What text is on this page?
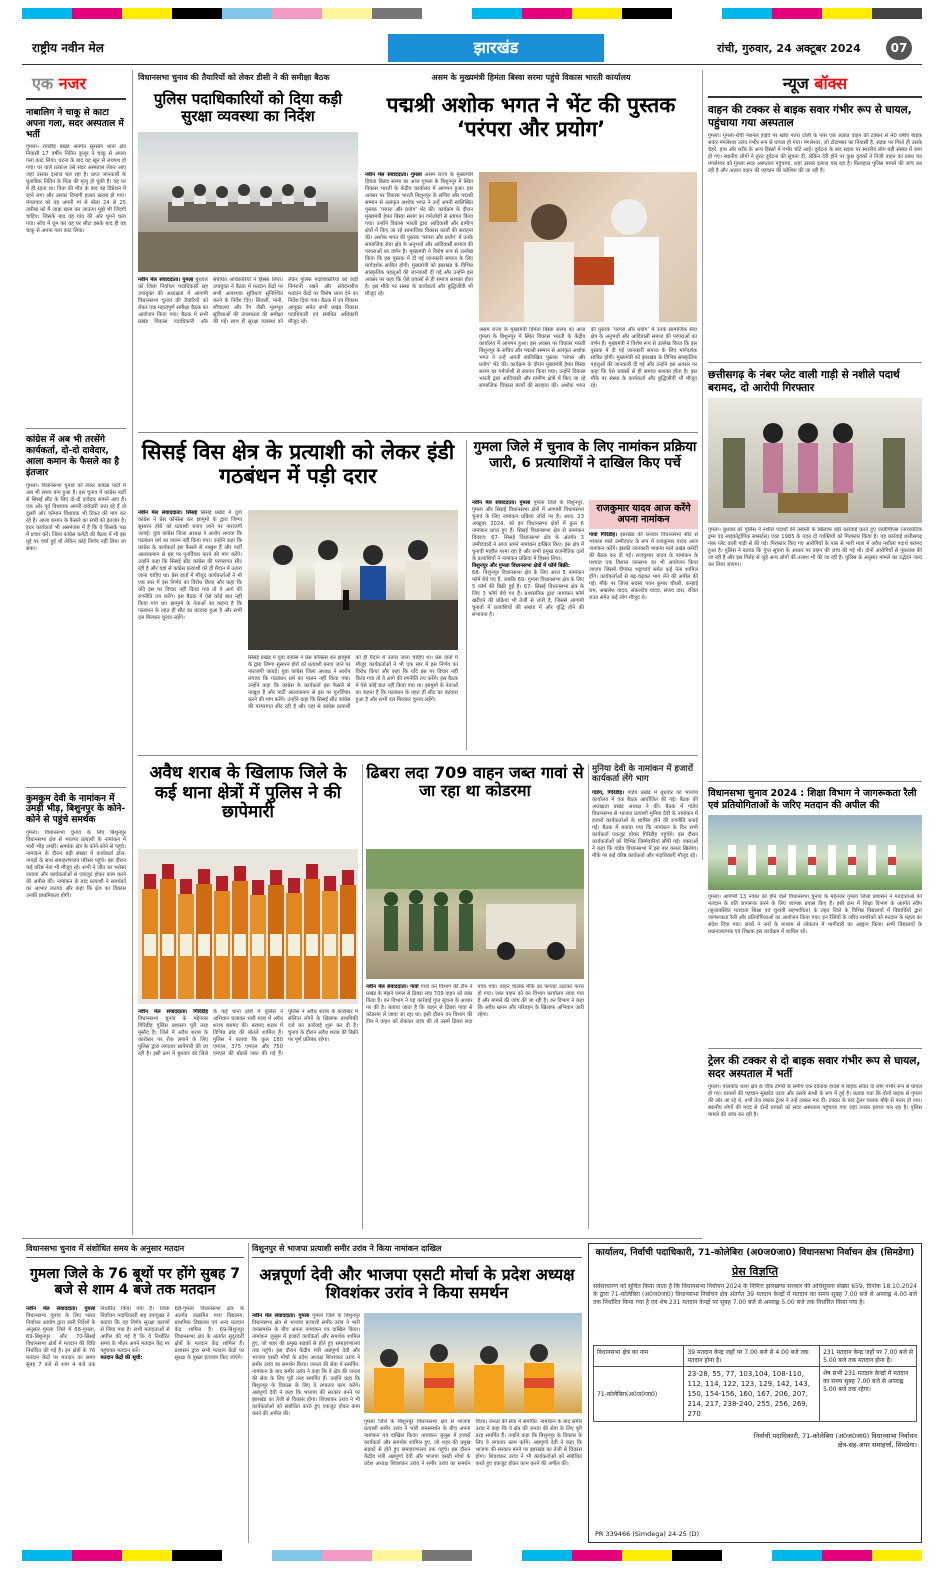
राष्ट्रीय नवीन मेल	झारखंड	रांची, गुरुवार, 24 अक्टूबर 2024	07
एक नजर
नाबालिग ने चाकू से काटा अपना गला, सदर अस्पताल में भर्ती
गुमला। रायडीह प्रखंड अंतर्गत सुरसांग थाना क्षेत्र निवासी 17 वर्षीय नितिन कुजूर ने चाकू से अपना गला काट लिया। घटना के बाद वह खून से लथपथ हो गया। घर वाले तत्काल उसे सदर अस्पताल लेकर आए जहां उसका इलाज चल रहा है। प्राप्त जानकारी के मुताबिक नितिन के पिता की मृत्यु हो चुकी है। वह घर में ही रहता था। पिता की मौत के बाद वह डिप्रेशन में रहने लगा और उसका दिमागी हालत खराब हो गया। मंगलवार को वह अपनी मां से बोला 24 से 25 तारीख को मैं जाड़ा खत्म कर जाऊंगा मुझे भी जिंदगी चाहिए। जिसके बाद वह गांव की ओर घूमने चला गया। सोच में घूम कर वह घर लौटा इसके बाद ही वह चाकू से अपना गला काट लिया।
कांग्रेस में अब भी तरसेंगे कार्यकर्ता, दो-दो दावेदार, आला कमान के फैसले का है इंतजार
गुमला। विधानसभा चुनाव को लेकर कांग्रेस पार्टी में अब भी संशय बना हुआ है। इस चुनाव में कांग्रेस पार्टी से सिसई सीट के लिए दो-दो दावेदार सामने आए हैं। एक ओर पूर्व विधायक अपनी दावेदारी जता रहे हैं तो दूसरी ओर वर्तमान विधायक भी टिकट की मांग कर रहे हैं। आला कमान के फैसले का सभी को इंतजार है। इधर कार्यकर्ता भी असमंजस में हैं कि वे किसके पक्ष में प्रचार करें। जिला कांग्रेस कमेटी की बैठक में भी इस मुद्दे पर चर्चा हुई थी लेकिन कोई निर्णय नहीं लिया जा सका।
कुमकुम देवी के नामांकन में उमड़ी भीड़, बिशुनपुर के कोने-कोने से पहुंचे समर्थक
गुमला। विधानसभा चुनाव के लिए बिशुनपुर विधानसभा क्षेत्र से भाजपा प्रत्याशी के नामांकन में भारी भीड़ उमड़ी। समर्थक क्षेत्र के कोने-कोने से पहुंचे। नामांकन के दौरान बड़ी संख्या में कार्यकर्ता ढोल-नगाड़ों के साथ समाहरणालय परिसर पहुंचे। इस दौरान कई वरिष्ठ नेता भी मौजूद रहे। सभी ने जीत का भरोसा जताया और कार्यकर्ताओं से एकजुट होकर काम करने की अपील की। नामांकन के बाद प्रत्याशी ने समर्थकों का आभार जताया और कहा कि क्षेत्र का विकास उनकी प्राथमिकता होगी।
विधानसभा चुनाव की तैयारियों को लेकर डीसी ने की समीक्षा बैठक
पुलिस पदाधिकारियों को दिया कड़ी सुरक्षा व्यवस्था का निर्देश
नवीन मेल संवाददाता। गुमला बुधवार को जिला निर्वाचन पदाधिकारी सह उपायुक्त की अध्यक्षता में आगामी विधानसभा चुनाव की तैयारियों को लेकर एक महत्वपूर्ण समीक्षा बैठक का आयोजन किया गया। बैठक में सभी प्रखंड विकास पदाधिकारी और संबंधित अधिकारियों ने हिस्सा लिया। उपायुक्त ने बैठक में मतदान केंद्रों पर सभी आवश्यक सुविधाएं सुनिश्चित करने के निर्देश दिए। बिजली, पानी, शौचालय और रैंप जैसी मूलभूत सुविधाओं की उपलब्धता की समीक्षा की गई। साथ ही सुरक्षा व्यवस्था को लेकर पुलिस पदाधिकारियों को कड़ी निगरानी रखने और संवेदनशील मतदान केंद्रों पर विशेष ध्यान देने का निर्देश दिया गया। बैठक में उप विकास आयुक्त समेत सभी प्रखंड विकास पदाधिकारी एवं संबंधित अधिकारी मौजूद रहे।
असम के मुख्यमंत्री हिमंता बिस्वा सरमा पहुंचे विकास भारती कार्यालय
पद्मश्री अशोक भगत ने भेंट की पुस्तक ‘परंपरा और प्रयोग’
नवीन मेल संवाददाता। गुमला असम राज्य के मुख्यमंत्री हिमंता बिस्वा सरमा का आज गुमला के बिशुनपुर में स्थित विकास भारती के केंद्रीय कार्यालय में आगमन हुआ। इस अवसर पर विकास भारती बिशुनपुर के सचिव और पद्मश्री सम्मान से अलंकृत अशोक भगत ने उन्हें अपनी स्वलिखित पुस्तक ‘परंपरा और प्रयोग’ भेंट की। कार्यक्रम के दौरान मुख्यमंत्री हेमंत बिस्वा सरमा का गर्मजोशी से स्वागत किया गया। उन्होंने विकास भारती द्वारा आदिवासी और ग्रामीण क्षेत्रों में किए जा रहे सामाजिक विकास कार्यों की सराहना की। अशोक भगत की पुस्तक ‘परंपरा और प्रयोग’ में उनके सामाजिक सेवा क्षेत्र के अनुभवों और आदिवासी समाज की परंपराओं का वर्णन है। मुख्यमंत्री ने विशेष रूप से उल्लेख किया कि इस पुस्तक में दी गई जानकारी समाज के लिए मार्गदर्शक साबित होगी। मुख्यमंत्री को झारखंड के विभिन्न सांस्कृतिक पहलुओं की जानकारी दी गई और उन्होंने इस अवसर पर कहा कि ऐसे प्रयासों से ही समाज सशक्त होता है। इस मौके पर संस्था के कार्यकर्ता और बुद्धिजीवी भी मौजूद रहे।
असम राज्य के मुख्यमंत्री हिमंता बिस्वा सरमा का आज गुमला के बिशुनपुर में स्थित विकास भारती के केंद्रीय कार्यालय में आगमन हुआ। इस अवसर पर विकास भारती बिशुनपुर के सचिव और पद्मश्री सम्मान से अलंकृत अशोक भगत ने उन्हें अपनी स्वलिखित पुस्तक ‘परंपरा और प्रयोग’ भेंट की। कार्यक्रम के दौरान मुख्यमंत्री हेमंत बिस्वा सरमा का गर्मजोशी से स्वागत किया गया। उन्होंने विकास भारती द्वारा आदिवासी और ग्रामीण क्षेत्रों में किए जा रहे सामाजिक विकास कार्यों की सराहना की। अशोक भगत की पुस्तक ‘परंपरा और प्रयोग’ में उनके सामाजिक सेवा क्षेत्र के अनुभवों और आदिवासी समाज की परंपराओं का वर्णन है। मुख्यमंत्री ने विशेष रूप से उल्लेख किया कि इस पुस्तक में दी गई जानकारी समाज के लिए मार्गदर्शक साबित होगी। मुख्यमंत्री को झारखंड के विभिन्न सांस्कृतिक पहलुओं की जानकारी दी गई और उन्होंने इस अवसर पर कहा कि ऐसे प्रयासों से ही समाज सशक्त होता है। इस मौके पर संस्था के कार्यकर्ता और बुद्धिजीवी भी मौजूद रहे।
न्यूज बॉक्स
वाहन की टक्कर से बाइक सवार गंभीर रूप से घायल, पहुंचाया गया अस्पताल
गुमला। गुमला-रांची नेशनल हाईवे पर खोरा पतरा टोली के पास एक अज्ञात वाहन की टक्कर से 40 वर्षीय बाइक सवार मंगलेश्वर उरांव गंभीर रूप से घायल हो गया। मंगलेश्वर, जो टोटाम्बार का निवासी है, सड़क पर गिरते ही उसके चेहरे, हाथ और शरीर के अन्य हिस्सों में गंभीर चोटें आईं। दुर्घटना के बाद सड़क पर स्थानीय लोग बड़ी संख्या में जमा हो गए। स्थानीय लोगों ने तुरंत दुर्घटना की सूचना दी, लेकिन देरी होने पर कुछ युवकों ने निजी वाहन का प्रबंध कर मंगलेश्वर को गुमला सदर अस्पताल पहुंचाया, जहां उसका इलाज चल रहा है। फिलहाल पुलिस मामले की जांच कर रही है और अज्ञात वाहन की पहचान की कोशिश की जा रही है।
छत्तीसगढ़ के नंबर प्लेट वाली गाड़ी से नशीले पदार्थ बरामद, दो आरोपी गिरफ्तार
गुमला। बुधवार को पुलिस ने नशीले पदार्थों की तस्करी के खिलाफ बड़ी कार्रवाई करते हुए एनडीपीएस (नारकोटिक ड्रग्स एंड साइकोट्रोपिक सब्सटेंस) एक्ट 1985 के तहत दो व्यक्तियों को गिरफ्तार किया है। यह कार्रवाई छत्तीसगढ़ नंबर प्लेट वाली गाड़ी से की गई। गिरफ्तार किए गए आरोपियों के पास से भारी मात्रा में अवैध नशीला पदार्थ बरामद हुआ है। पुलिस ने बताया कि गुप्त सूचना के आधार पर वाहन की जांच की गई थी। दोनों आरोपियों से पूछताछ की जा रही है और इस गिरोह से जुड़े अन्य लोगों की तलाश भी की जा रही है। पुलिस के अनुसार मामले का उद्भेदन जल्द कर लिया जाएगा।
विधानसभा चुनाव 2024 : शिक्षा विभाग ने जागरूकता रैली एवं प्रतियोगिताओं के जरिए मतदान की अपील की
गुमला। आगामी 13 नवंबर को होने वाले विधानसभा चुनाव के मद्देनजर गुमला जिला प्रशासन ने मतदाताओं को मतदान के प्रति जागरूक करने के लिए व्यापक प्रयास किए हैं। इसी क्रम में शिक्षा विभाग के अंतर्गत स्वीप (सुव्यवस्थित मतदाता शिक्षा एवं चुनावी सहभागिता) के तहत जिले के विभिन्न विद्यालयों में विद्यार्थियों द्वारा जागरूकता रैली और प्रतियोगिताओं का आयोजन किया गया। इन रैलियों के जरिए नागरिकों को मतदान के महत्व का संदेश दिया गया। छात्रों ने नारों के माध्यम से लोकतंत्र में भागीदारी का आह्वान किया। सभी विद्यालयों के प्रधानाध्यापक एवं शिक्षक इस कार्यक्रम में शामिल रहे।
ट्रेलर की टक्कर से दो बाइक सवार गंभीर रूप से घायल, सदर अस्पताल में भर्ती
गुमला। पालकोट थाना क्षेत्र के चौक टोंगरी के समीप एक दर्दनाक हादसे में बाइक सवार दो लोग गंभीर रूप से घायल हो गए। घायलों की पहचान सुखदेव उरांव और उसके साथी के रूप में हुई है। बताया गया कि दोनों बाइक से गुमला की ओर आ रहे थे, तभी तेज रफ्तार ट्रेलर ने उन्हें टक्कर मार दी। टक्कर के बाद ट्रेलर चालक मौके से फरार हो गया। स्थानीय लोगों की मदद से दोनों घायलों को सदर अस्पताल पहुंचाया गया जहां उनका इलाज चल रहा है। पुलिस मामले की जांच कर रही है।
सिसई विस क्षेत्र के प्रत्याशी को लेकर इंडी गठबंधन में पड़ी दरार
नवीन मेल संवाददाता। सिसई सिसई प्रखंड में युवा कांग्रेस ने प्रेस कॉन्फ्रेंस कर झामुमो के द्वारा जिग्गा सुसारन होरो को प्रत्याशी बनाए जाने पर नाराजगी जताई। युवा कांग्रेस जिला अध्यक्ष ने आरोप लगाया कि गठबंधन धर्म का पालन नहीं किया गया। उन्होंने कहा कि कांग्रेस के कार्यकर्ता इस फैसले से नाखुश हैं और पार्टी आलाकमान से इस पर पुनर्विचार करने की मांग करेंगे। उन्होंने कहा कि सिसई सीट कांग्रेस की परंपरागत सीट रही है और यहां से कांग्रेस प्रत्याशी को ही मैदान में उतारा जाना चाहिए था। प्रेस वार्ता में मौजूद कार्यकर्ताओं ने भी एक स्वर में इस निर्णय का विरोध किया और कहा कि यदि इस पर विचार नहीं किया गया तो वे आगे की रणनीति तय करेंगे। इस बैठक में ऐसे कोई बात नहीं किया गया था। झामुमो के नेताओं का कहना है कि गठबंधन के तहत ही सीट का बंटवारा हुआ है और सभी दल मिलकर चुनाव लड़ेंगे।
सिसई प्रखंड में युवा कांग्रेस ने प्रेस कॉन्फ्रेंस कर झामुमो के द्वारा जिग्गा सुसारन होरो को प्रत्याशी बनाए जाने पर नाराजगी जताई। युवा कांग्रेस जिला अध्यक्ष ने आरोप लगाया कि गठबंधन धर्म का पालन नहीं किया गया। उन्होंने कहा कि कांग्रेस के कार्यकर्ता इस फैसले से नाखुश हैं और पार्टी आलाकमान से इस पर पुनर्विचार करने की मांग करेंगे। उन्होंने कहा कि सिसई सीट कांग्रेस की परंपरागत सीट रही है और यहां से कांग्रेस प्रत्याशी को ही मैदान में उतारा जाना चाहिए था। प्रेस वार्ता में मौजूद कार्यकर्ताओं ने भी एक स्वर में इस निर्णय का विरोध किया और कहा कि यदि इस पर विचार नहीं किया गया तो वे आगे की रणनीति तय करेंगे। इस बैठक में ऐसे कोई बात नहीं किया गया था। झामुमो के नेताओं का कहना है कि गठबंधन के तहत ही सीट का बंटवारा हुआ है और सभी दल मिलकर चुनाव लड़ेंगे।
गुमला जिले में चुनाव के लिए नामांकन प्रक्रिया जारी, 6 प्रत्याशियों ने दाखिल किए पर्चे
नवीन मेल संवाददाता। गुमला गुमला जिले के विशुनपुर, गुमला और सिसई विधानसभा क्षेत्रों में आगामी विधानसभा चुनाव के लिए नामांकन प्रक्रिया जोरों पर है। आज, 23 अक्टूबर 2024, को इन विधानसभा क्षेत्रों में कुल 6 नामांकन प्राप्त हुए हैं। सिसई विधानसभा क्षेत्र से नामांकन विवरण: 67- सिसई विधानसभा क्षेत्र के अंतर्गत 3 उम्मीदवारों ने आज अपने नामांकन दाखिल किए। इस क्षेत्र में चुनावी माहौल गरमा रहा है और सभी प्रमुख राजनीतिक दलों के प्रत्याशियों ने नामांकन प्रक्रिया में हिस्सा लिया।
विशुनपुर और गुमला विधानसभा क्षेत्रों में फॉर्म बिक्री:
68- विशुनपुर विधानसभा क्षेत्र के लिए आज 5 नामांकन फॉर्म बेचे गए हैं, जबकि 69- गुमला विधानसभा क्षेत्र के लिए 5 फॉर्म की बिक्री हुई है। 67- सिसई विधानसभा क्षेत्र के लिए 3 फॉर्म बेचे गए हैं। प्रशासनिक द्वारा नामांकन फॉर्म खरीदने की प्रक्रिया भी तेजी से जारी है, जिससे आगामी चुनावों में प्रत्याशियों की संख्या में और वृद्धि होने की संभावना है।
राजकुमार यादव आज करेंगे अपना नामांकन
गावां गिरिडीह। झारखंड की धनवार विधानसभा सीट से भाकपा माले उम्मीदवार के रूप में राजकुमार यादव आज नामांकन करेंगे। इसकी जानकारी भाकपा माले प्रखंड कमेटी की बैठक कर दी गई। राजकुमार यादव के नामांकन के पश्चात एक विशाल जनसभा का भी आयोजन किया जाएगा जिसमें दीपंकर भट्टाचार्य समेत कई नेता शामिल होंगे। कार्यकर्ताओं से बढ़-चढ़कर भाग लेने की अपील की गई। मौके पर जिला सदस्य पवन कुमार चौधरी, कन्हाई राम, अखलेश यादव, सकलदेव यादव, संजय दास, रंजित राउत समेत कई लोग मौजूद थे।
अवैध शराब के खिलाफ जिले के कई थाना क्षेत्रों में पुलिस ने की छापेमारी
नवीन मेल संवाददाता। गिरिडीह विधानसभा चुनाव के मद्देनजर गिरिडीह पुलिस प्रशासन पूरी तरह मुस्तैद है। जिले में अवैध शराब के कारोबार पर रोक लगाने के लिए पुलिस द्वारा लगातार छापेमारी की जा रही है। इसी क्रम में बुधवार को जिले के कई थाना क्षेत्रों में पुलिस ने अभियान चलाकर भारी मात्रा में अवैध शराब बरामद की। बरामद शराब में विभिन्न ब्रांड की बोतलें शामिल हैं। पुलिस ने बताया कि कुल 180 एमएल, 375 एमएल और 750 एमएल की बोतलें जब्त की गई हैं। पुलिस ने अवैध शराब के कारोबार में संलिप्त लोगों के खिलाफ प्राथमिकी दर्ज कर कार्रवाई शुरू कर दी है। चुनाव के दौरान अवैध शराब की बिक्री पर पूर्ण प्रतिबंध रहेगा।
ढिबरा लदा 709 वाहन जब्त गावां से जा रहा था कोडरमा
नवीन मेल संवाददाता। गावां गावां वन विभाग की टीम ने प्रखंड के मंझने जंगल से ढिबरा लदा 709 वाहन को जब्त किया है। वन विभाग ने यह कार्रवाई गुप्त सूचना के आधार पर की है। बताया जाता है कि वाहन से ढिबरा गावां से कोडरमा ले जाया जा रहा था। इसी दौरान वन विभाग की टीम ने वाहन को रोककर जांच की तो उसमें ढिबरा लदा पाया गया। वाहन चालक मौके का फायदा उठाकर फरार हो गया। जब्त वाहन को वन विभाग कार्यालय लाया गया है और मामले की जांच की जा रही है। वन विभाग ने कहा कि अवैध खनन और परिवहन के खिलाफ अभियान जारी रहेगा।
मुनिया देवी के नामांकन में हजारों कार्यकर्ता लेंगे भाग
गांडेय, गिरिडीह। गांडेय प्रखंड में बुधवार को भाजपा कार्यालय में एक बैठक आयोजित की गई। बैठक की अध्यक्षता प्रखंड अध्यक्ष ने की। बैठक में गांडेय विधानसभा से भाजपा प्रत्याशी मुनिया देवी के नामांकन में हजारों कार्यकर्ताओं के शामिल होने की रणनीति बनाई गई। बैठक में बताया गया कि नामांकन के दिन सभी कार्यकर्ता एकजुट होकर गिरिडीह पहुंचेंगे। इस दौरान कार्यकर्ताओं को विभिन्न जिम्मेदारियां सौंपी गईं। वक्ताओं ने कहा कि गांडेय विधानसभा में इस बार कमल खिलेगा। मौके पर कई वरिष्ठ कार्यकर्ता और पदाधिकारी मौजूद रहे।
विधानसभा चुनाव में संशोधित समय के अनुसार मतदान
गुमला जिले के 76 बूथों पर होंगे सुबह 7 बजे से शाम 4 बजे तक मतदान
नवीन मेल संवाददाता। गुमला विधानसभा चुनाव के लिए भारत निर्वाचन आयोग द्वारा जारी निर्देशों के अनुसार गुमला जिले में 68-गुमला, 69-बिशुनपुर और 70-सिसई विधानसभा क्षेत्रों में मतदान की विधि निर्धारित की गई है। इन क्षेत्रों के 76 मतदान केंद्रों पर मतदान का समय सुबह 7 बजे से शाम 4 बजे तक निर्धारित किया गया है। जिला निर्वाचन पदाधिकारी सह उपायुक्त ने बताया कि यह निर्णय सुरक्षा कारणों से लिया गया है। सभी मतदाताओं से अपील की गई है कि वे निर्धारित समय के भीतर अपने मतदान केंद्र पर पहुंचकर मतदान करें।
मतदान केंद्रों की सूची:
68-गुमला विधानसभा क्षेत्र के अंतर्गत उत्क्रमित मध्य विद्यालय, प्राथमिक विद्यालय एवं अन्य मतदान केंद्र शामिल हैं। 69-बिशुनपुर विधानसभा क्षेत्र के अंतर्गत सुदूरवर्ती क्षेत्रों के मतदान केंद्र शामिल हैं। प्रशासन द्वारा सभी मतदान केंद्रों पर सुरक्षा के पुख्ता इंतजाम किए जाएंगे।
विशुनपुर से भाजपा प्रत्याशी समीर उरांव ने किया नामांकन दाखिल
अन्नपूर्णा देवी और भाजपा एसटी मोर्चा के प्रदेश अध्यक्ष शिवशंकर उरांव ने किया समर्थन
नवीन मेल संवाददाता। गुमला गुमला जिले के बिशुनपुर विधानसभा क्षेत्र से भाजपा प्रत्याशी समीर उरांव ने भारी जनसमर्थन के बीच अपना नामांकन पत्र दाखिल किया। नामांकन जुलूस में हजारों कार्यकर्ता और समर्थक शामिल हुए, जो शहर की प्रमुख सड़कों से होते हुए समाहरणालय तक पहुंचे। इस दौरान केंद्रीय मंत्री अन्नपूर्णा देवी और भाजपा एसटी मोर्चा के प्रदेश अध्यक्ष शिवशंकर उरांव ने समीर उरांव का समर्थन किया। जनता की सेवा में समर्पित: नामांकन के बाद समीर उरांव ने कहा कि वे क्षेत्र की जनता की सेवा के लिए पूरी तरह समर्पित हैं। उन्होंने कहा कि बिशुनपुर के विकास के लिए वे लगातार काम करेंगे। अन्नपूर्णा देवी ने कहा कि भाजपा की सरकार बनने पर झारखंड का तेजी से विकास होगा। शिवशंकर उरांव ने भी कार्यकर्ताओं को संबोधित करते हुए एकजुट होकर काम करने की अपील की।
गुमला जिले के बिशुनपुर विधानसभा क्षेत्र से भाजपा प्रत्याशी समीर उरांव ने भारी जनसमर्थन के बीच अपना नामांकन पत्र दाखिल किया। नामांकन जुलूस में हजारों कार्यकर्ता और समर्थक शामिल हुए, जो शहर की प्रमुख सड़कों से होते हुए समाहरणालय तक पहुंचे। इस दौरान केंद्रीय मंत्री अन्नपूर्णा देवी और भाजपा एसटी मोर्चा के प्रदेश अध्यक्ष शिवशंकर उरांव ने समीर उरांव का समर्थन किया। जनता की सेवा में समर्पित: नामांकन के बाद समीर उरांव ने कहा कि वे क्षेत्र की जनता की सेवा के लिए पूरी तरह समर्पित हैं। उन्होंने कहा कि बिशुनपुर के विकास के लिए वे लगातार काम करेंगे। अन्नपूर्णा देवी ने कहा कि भाजपा की सरकार बनने पर झारखंड का तेजी से विकास होगा। शिवशंकर उरांव ने भी कार्यकर्ताओं को संबोधित करते हुए एकजुट होकर काम करने की अपील की।
कार्यालय, निर्वाची पदाधिकारी, 71-कोलेबिरा (अ0ज0जा0) विधानसभा निर्वाचन क्षेत्र (सिमडेगा)
प्रेस विज्ञप्ति
सर्वसाधारण को सूचित किया जाता है कि विधानसभा निर्वाचन 2024 के निमित्त झारखण्ड सरकार की अधिसूचना संख्या 659, दिनांक 18.10.2024 के द्वारा 71-कोलेबिरा (अ0ज0जा0) विधानसभा निर्वाचन क्षेत्र अंतर्गत 39 मतदान केन्द्रों में मतदान का समय सुबह 7.00 बजे से अपराह्न 4.00 बजे तक निर्धारित किया गया है एवं शेष 231 मतदान केन्द्रों पर सुबह 7.00 बजे से अपराह्न 5.00 बजे तक निर्धारित किया गया है।
विधानसभा क्षेत्र का नाम	39 मतदान केन्द्र जहाँ पर 7.00 बजे से 4.00 बजे तक मतदान होना है।	231 मतदान केन्द्र जहाँ पर 7.00 बजे से 5.00 बजे तक मतदान होना है।
71-कोलेबिरा(अ0ज0जा0)	23-28, 55, 77, 103,104, 108-110, 112, 114, 122, 123, 129, 142, 143, 150, 154-156, 160, 167, 206, 207, 214, 217, 238-240, 255, 256, 269, 270	शेष सभी 231 मतदान केन्द्रों में मतदान का समय सुबह 7.00 बजे से अपराह्न 5.00 बजे तक रहेगा।
निर्वाची पदाधिकारी, 71-कोलेबिरा (अ0ज0जा0) विधानसभा निर्वाचन क्षेत्र-सह-अपर समाहर्त्ता, सिमडेगा।
PR 339466 (Simdega) 24-25 (D)
